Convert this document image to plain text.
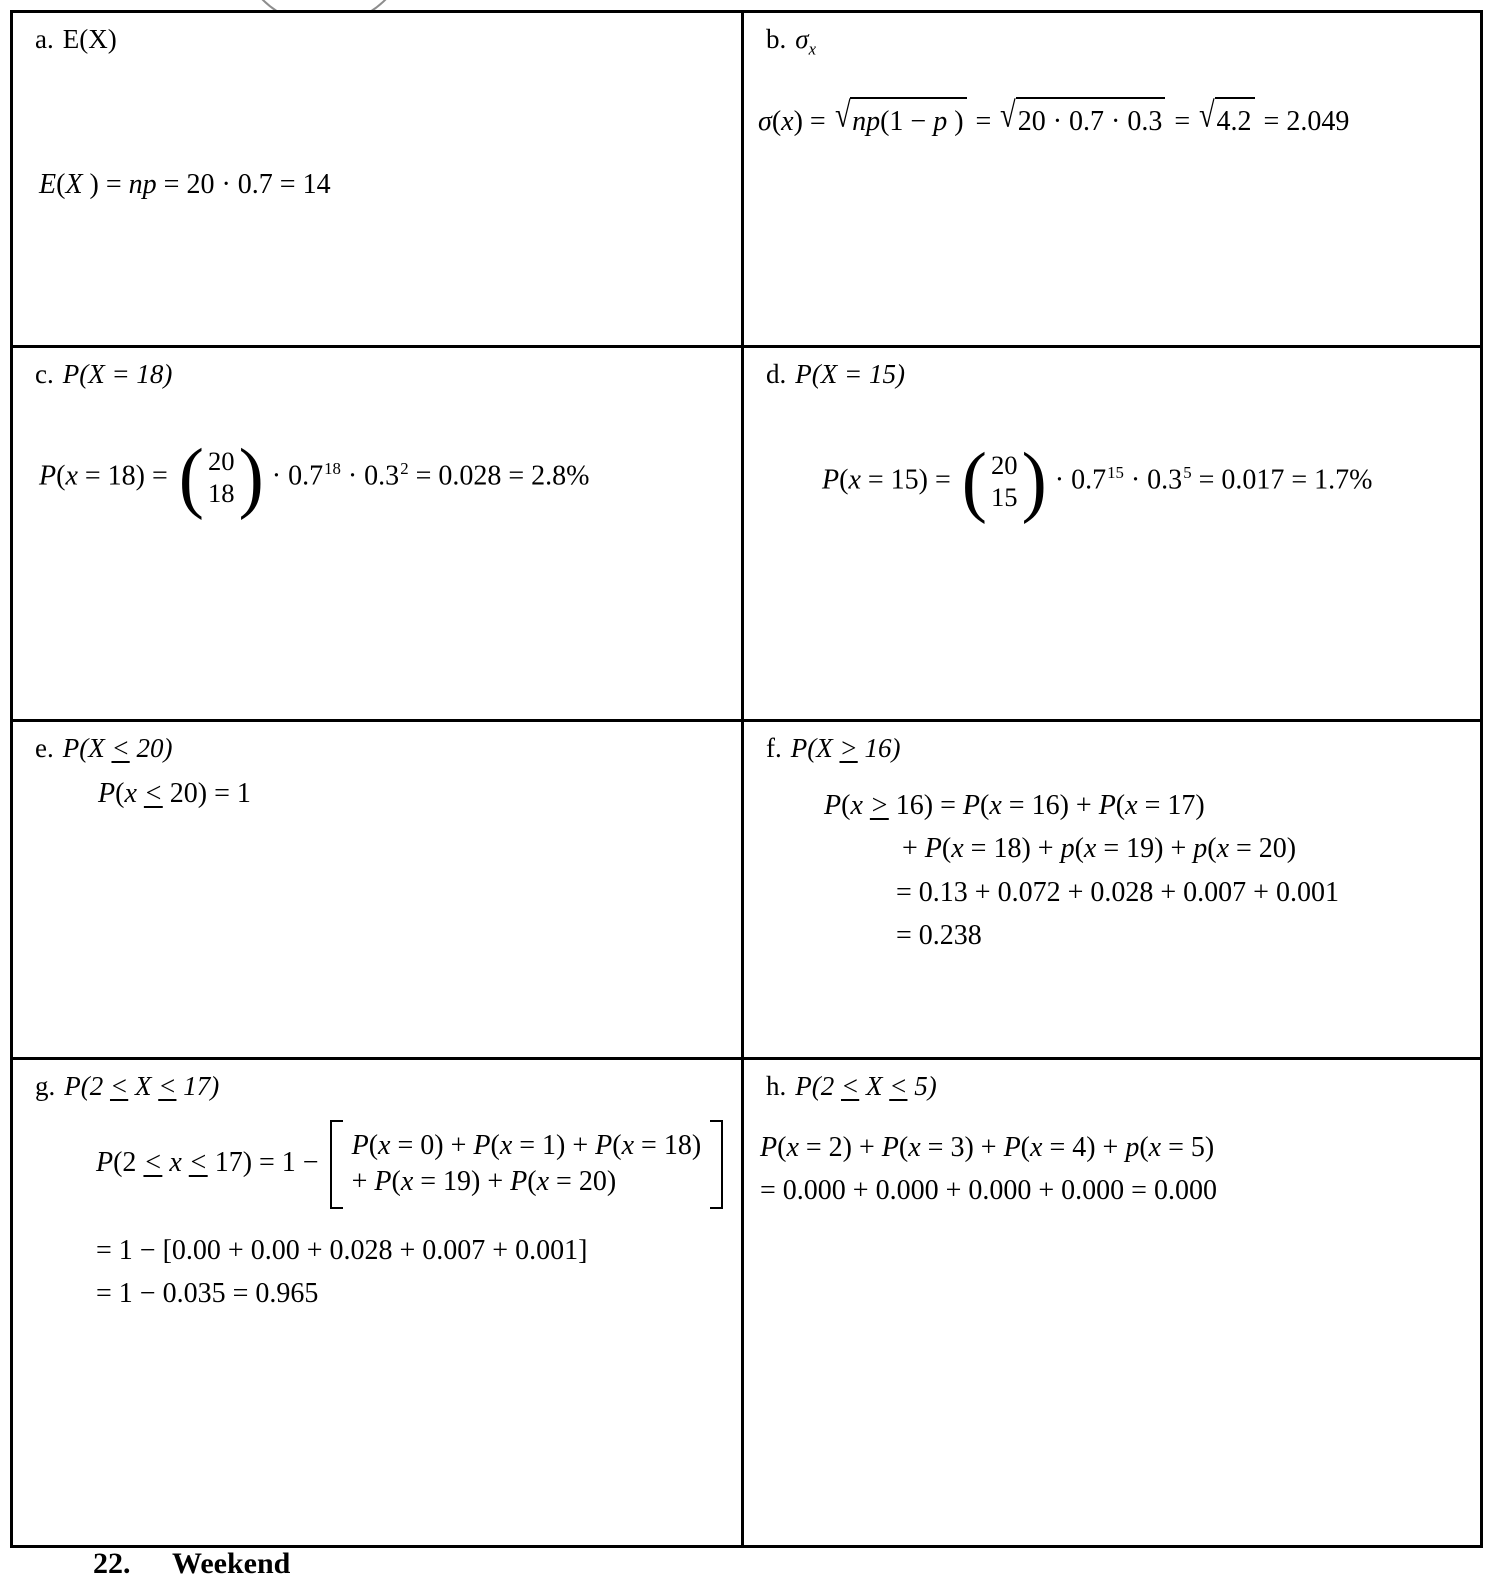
a. E(X)
E(X ) = np = 20 · 0.7 = 14
b. $\sigma_x$
σ(x) = √np(1 − p ) = √20 · 0.7 · 0.3 = √4.2 = 2.049
c. P(X = 18)
P(x = 18) = ( 20
18 ) · $0.7^{18} \cdot 0.3^2 = 0.028 = 2.8\%$
d. P(X = 15)
P(x = 15) = ( 20
15 ) · $0.7^{15} \cdot 0.3^5 = 0.017 = 1.7\%$
e. P(X < 20)
P(x < 20) = 1
f. P(X > 16)
P(x > 16) = P(x = 16) + P(x = 17)
+ P(x = 18) + p(x = 19) + p(x = 20)
= 0.13 + 0.072 + 0.028 + 0.007 + 0.001
= 0.238
g. P(2 < X < 17)
P(2 < x < 17) = 1 −
P(x = 0) + P(x = 1) + P(x = 18)
+ P(x = 19) + P(x = 20)
= 1 − [0.00 + 0.00 + 0.028 + 0.007 + 0.001]
= 1 − 0.035 = 0.965
h. P(2 < X < 5)
P(x = 2) + P(x = 3) + P(x = 4) + p(x = 5)
= 0.000 + 0.000 + 0.000 + 0.000 = 0.000
22. Weekend
